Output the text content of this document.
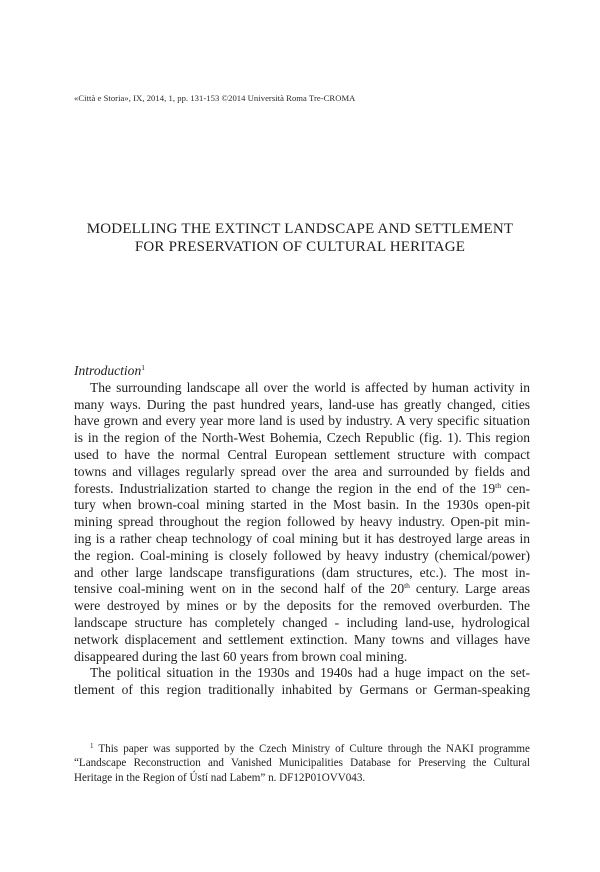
«Città e Storia», IX, 2014, 1, pp. 131-153 ©2014 Università Roma Tre-CROMA
MODELLING THE EXTINCT LANDSCAPE AND SETTLEMENT
FOR PRESERVATION OF CULTURAL HERITAGE
Introduction$^1$
The surrounding landscape all over the world is affected by human activity in
many ways. During the past hundred years, land-use has greatly changed, cities
have grown and every year more land is used by industry. A very specific situation
is in the region of the North-West Bohemia, Czech Republic (fig. 1). This region
used to have the normal Central European settlement structure with compact
towns and villages regularly spread over the area and surrounded by fields and
forests. Industrialization started to change the region in the end of the 19th cen-
tury when brown-coal mining started in the Most basin. In the 1930s open-pit
mining spread throughout the region followed by heavy industry. Open-pit min-
ing is a rather cheap technology of coal mining but it has destroyed large areas in
the region. Coal-mining is closely followed by heavy industry (chemical/power)
and other large landscape transfigurations (dam structures, etc.). The most in-
tensive coal-mining went on in the second half of the 20th century. Large areas
were destroyed by mines or by the deposits for the removed overburden. The
landscape structure has completely changed - including land-use, hydrological
network displacement and settlement extinction. Many towns and villages have
disappeared during the last 60 years from brown coal mining.
The political situation in the 1930s and 1940s had a huge impact on the set-
tlement of this region traditionally inhabited by Germans or German-speaking
$^1$ This paper was supported by the Czech Ministry of Culture through the NAKI programme
“Landscape Reconstruction and Vanished Municipalities Database for Preserving the Cultural
Heritage in the Region of Ústí nad Labem” n. DF12P01OVV043.
